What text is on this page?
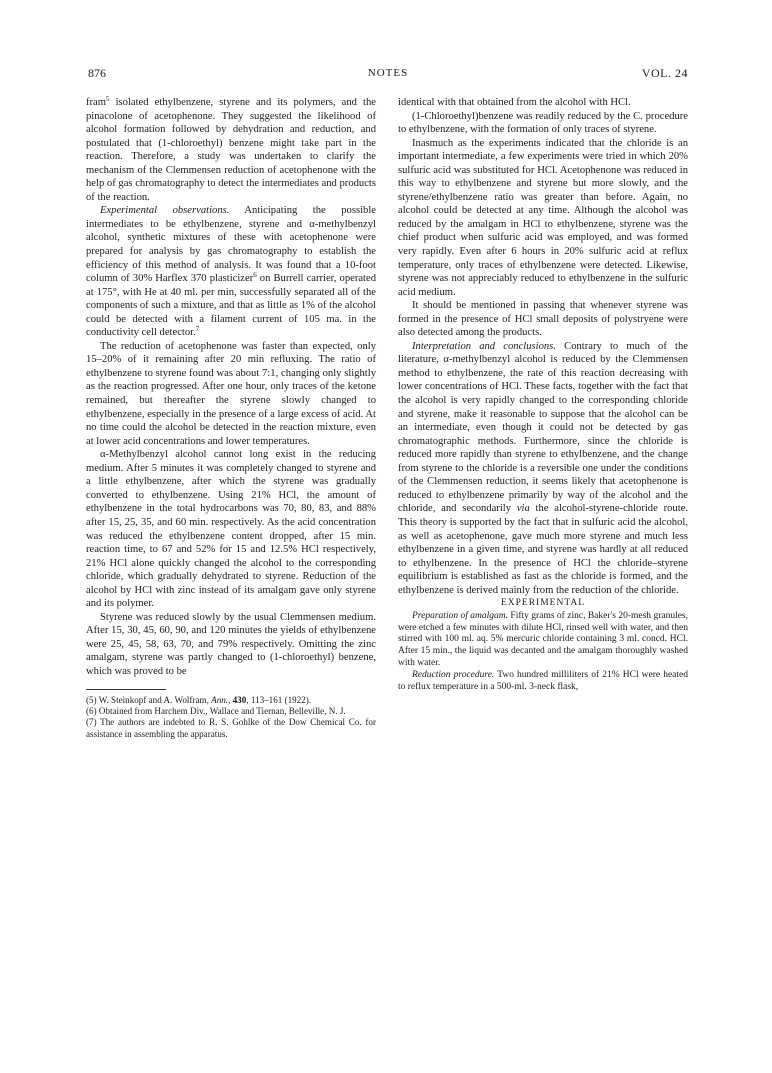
876	NOTES	VOL. 24

fram$^5$ isolated ethylbenzene, styrene and its polymers, and the pinacolone of acetophenone. They suggested the likelihood of alcohol formation followed by dehydration and reduction, and postulated that (1-chloroethyl) benzene might take part in the reaction. Therefore, a study was undertaken to clarify the mechanism of the Clemmensen reduction of acetophenone with the help of gas chromatography to detect the intermediates and products of the reaction.

Experimental observations. Anticipating the possible intermediates to be ethylbenzene, styrene and α-methylbenzyl alcohol, synthetic mixtures of these with acetophenone were prepared for analysis by gas chromatography to establish the efficiency of this method of analysis. It was found that a 10-foot column of 30% Harflex 370 plasticizer$^6$ on Burrell carrier, operated at 175°, with He at 40 ml. per min, successfully separated all of the components of such a mixture, and that as little as 1% of the alcohol could be detected with a filament current of 105 ma. in the conductivity cell detector.$^7$

The reduction of acetophenone was faster than expected, only 15–20% of it remaining after 20 min refluxing. The ratio of ethylbenzene to styrene found was about 7:1, changing only slightly as the reaction progressed. After one hour, only traces of the ketone remained, but thereafter the styrene slowly changed to ethylbenzene, especially in the presence of a large excess of acid. At no time could the alcohol be detected in the reaction mixture, even at lower acid concentrations and lower temperatures.

α-Methylbenzyl alcohol cannot long exist in the reducing medium. After 5 minutes it was completely changed to styrene and a little ethylbenzene, after which the styrene was gradually converted to ethylbenzene. Using 21% HCl, the amount of ethylbenzene in the total hydrocarbons was 70, 80, 83, and 88% after 15, 25, 35, and 60 min. respectively. As the acid concentration was reduced the ethylbenzene content dropped, after 15 min. reaction time, to 67 and 52% for 15 and 12.5% HCl respectively, 21% HCl alone quickly changed the alcohol to the corresponding chloride, which gradually dehydrated to styrene. Reduction of the alcohol by HCl with zinc instead of its amalgam gave only styrene and its polymer.

Styrene was reduced slowly by the usual Clemmensen medium. After 15, 30, 45, 60, 90, and 120 minutes the yields of ethylbenzene were 25, 45, 58, 63, 70, and 79% respectively. Omitting the zinc amalgam, styrene was partly changed to (1-chloroethyl) benzene, which was proved to be

(5) W. Steinkopf and A. Wolfram, Ann., 430, 113–161 (1922).

(6) Obtained from Harchem Div., Wallace and Tiernan, Belleville, N. J.

(7) The authors are indebted to R. S. Gohlke of the Dow Chemical Co. for assistance in assembling the apparatus.

identical with that obtained from the alcohol with HCl.

(1-Chloroethyl)benzene was readily reduced by the C. procedure to ethylbenzene, with the formation of only traces of styrene.

Inasmuch as the experiments indicated that the chloride is an important intermediate, a few experiments were tried in which 20% sulfuric acid was substituted for HCl. Acetophenone was reduced in this way to ethylbenzene and styrene but more slowly, and the styrene/ethylbenzene ratio was greater than before. Again, no alcohol could be detected at any time. Although the alcohol was reduced by the amalgam in HCl to ethylbenzene, styrene was the chief product when sulfuric acid was employed, and was formed very rapidly. Even after 6 hours in 20% sulfuric acid at reflux temperature, only traces of ethylbenzene were detected. Likewise, styrene was not appreciably reduced to ethylbenzene in the sulfuric acid medium.

It should be mentioned in passing that whenever styrene was formed in the presence of HCl small deposits of polystryene were also detected among the products.

Interpretation and conclusions. Contrary to much of the literature, α-methylbenzyl alcohol is reduced by the Clemmensen method to ethylbenzene, the rate of this reaction decreasing with lower concentrations of HCl. These facts, together with the fact that the alcohol is very rapidly changed to the corresponding chloride and styrene, make it reasonable to suppose that the alcohol can be an intermediate, even though it could not be detected by gas chromatographic methods. Furthermore, since the chloride is reduced more rapidly than styrene to ethylbenzene, and the change from styrene to the chloride is a reversible one under the conditions of the Clemmensen reduction, it seems likely that acetophenone is reduced to ethylbenzene primarily by way of the alcohol and the chloride, and secondarily via the alcohol-styrene-chloride route. This theory is supported by the fact that in sulfuric acid the alcohol, as well as acetophenone, gave much more styrene and much less ethylbenzene in a given time, and styrene was hardly at all reduced to ethylbenzene. In the presence of HCl the chloride–styrene equilibrium is established as fast as the chloride is formed, and the ethylbenzene is derived mainly from the reduction of the chloride.

EXPERIMENTAL

Preparation of amalgam. Fifty grams of zinc, Baker's 20-mesh granules, were etched a few minutes with dilute HCl, rinsed well with water, and then stirred with 100 ml. aq. 5% mercuric chloride containing 3 ml. concd. HCl. After 15 min., the liquid was decanted and the amalgam thoroughly washed with water.

Reduction procedure. Two hundred milliliters of 21% HCl were heated to reflux temperature in a 500-ml. 3-neck flask,
